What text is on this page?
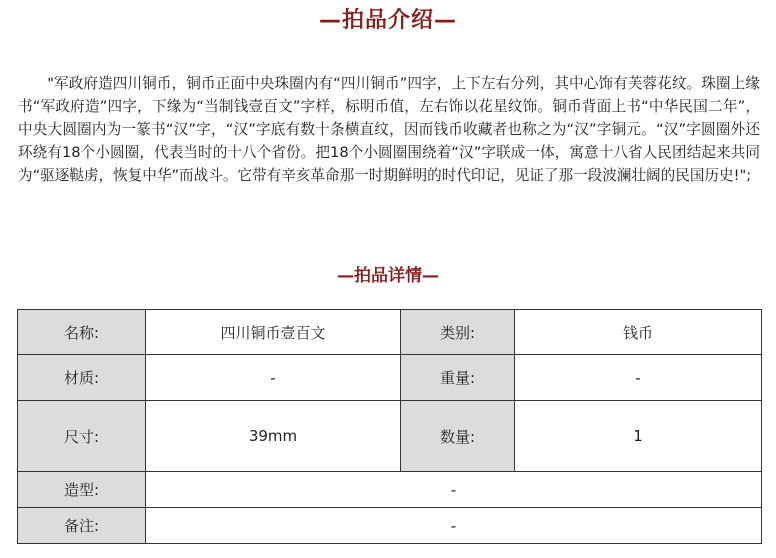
—拍品介绍—

"军政府造四川铜币，铜币正面中央珠圈内有“四川铜币”四字，上下左右分列，其中心饰有芙蓉花纹。珠圈上缘书“军政府造”四字，下缘为“当制钱壹百文”字样，标明币值，左右饰以花星纹饰。铜币背面上书“中华民国二年”，中央大圆圈内为一篆书“汉”字，“汉”字底有数十条横直纹，因而钱币收藏者也称之为“汉”字铜元。“汉”字圆圈外还环绕有18个小圆圈，代表当时的十八个省份。把18个小圆圈围绕着“汉”字联成一体，寓意十八省人民团结起来共同为“驱逐鞑虏，恢复中华”而战斗。它带有辛亥革命那一时期鲜明的时代印记，见证了那一段波澜壮阔的民国历史!";

—拍品详情—
名称:	四川铜币壹百文	类别:	钱币
材质:	-	重量:	-
尺寸:	39mm	数量:	1
造型:	-		
备注:	-		
